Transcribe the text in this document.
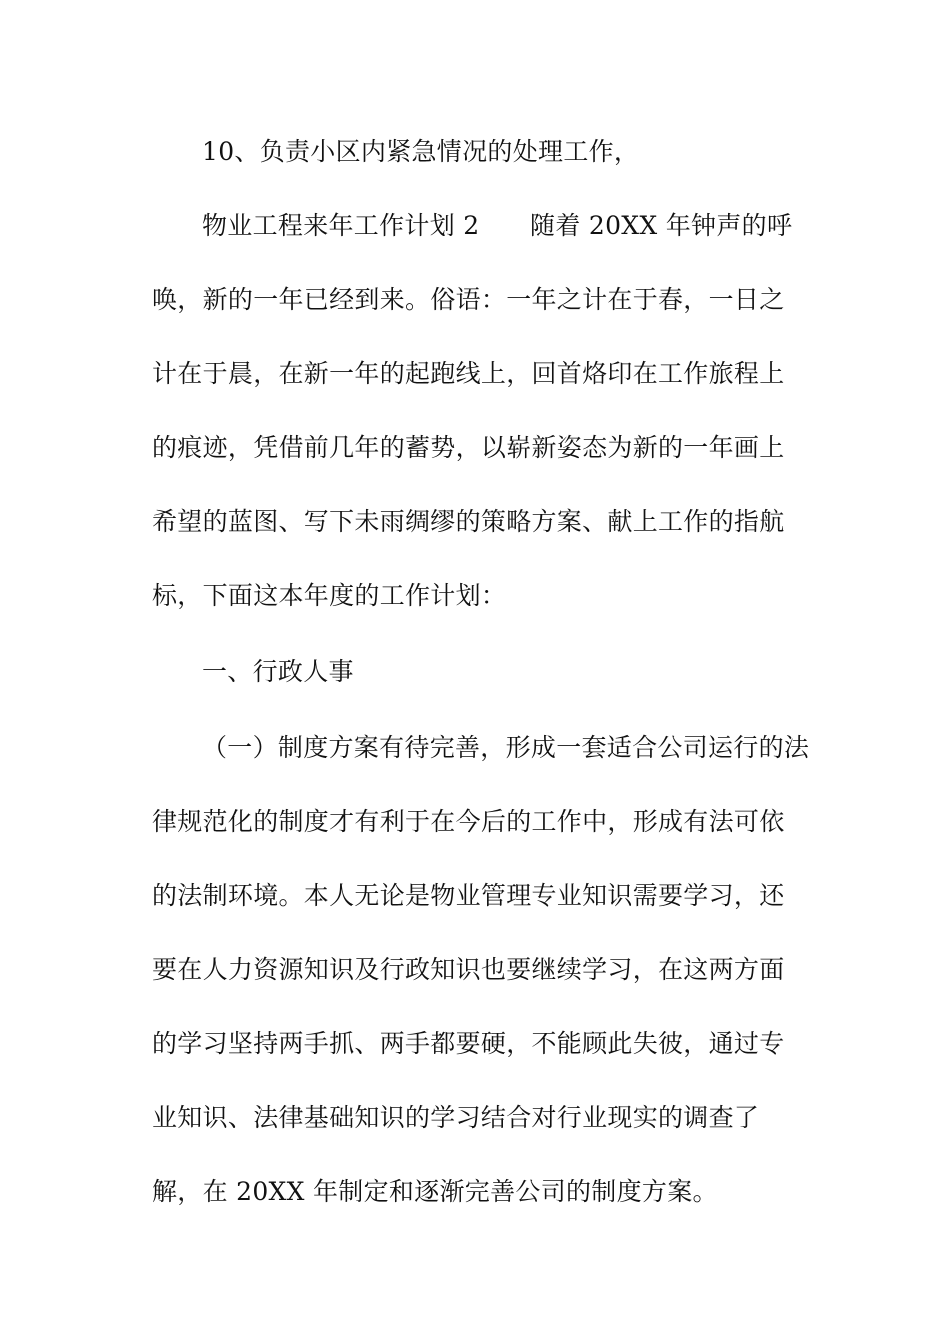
10、负责小区内紧急情况的处理工作，
物业工程来年工作计划 2　　随着 20XX 年钟声的呼
唤，新的一年已经到来。俗语：一年之计在于春，一日之
计在于晨，在新一年的起跑线上，回首烙印在工作旅程上
的痕迹，凭借前几年的蓄势，以崭新姿态为新的一年画上
希望的蓝图、写下未雨绸缪的策略方案、献上工作的指航
标，下面这本年度的工作计划：
一、行政人事
（一）制度方案有待完善，形成一套适合公司运行的法
律规范化的制度才有利于在今后的工作中，形成有法可依
的法制环境。本人无论是物业管理专业知识需要学习，还
要在人力资源知识及行政知识也要继续学习，在这两方面
的学习坚持两手抓、两手都要硬，不能顾此失彼，通过专
业知识、法律基础知识的学习结合对行业现实的调查了
解，在 20XX 年制定和逐渐完善公司的制度方案。
